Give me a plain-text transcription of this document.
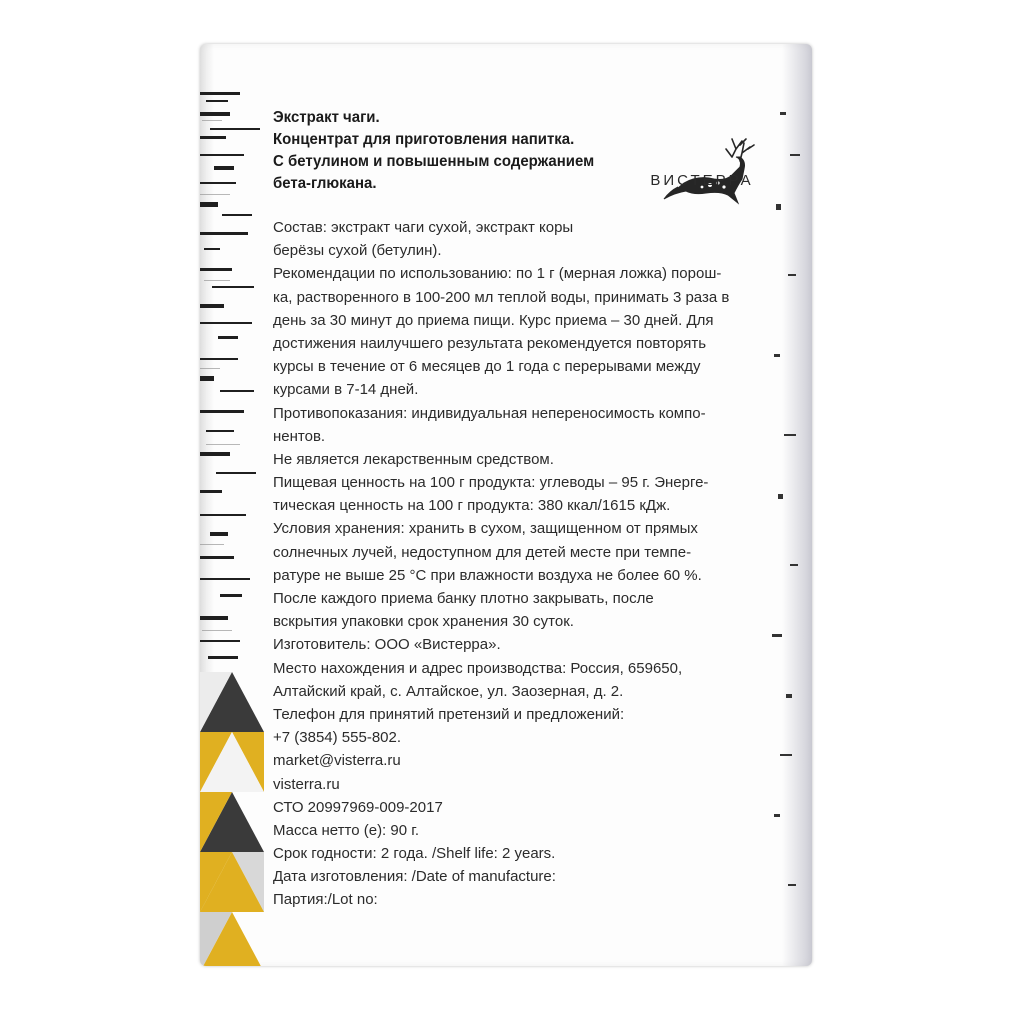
ВИСТЕРРА
Экстракт чаги.
Концентрат для приготовления напитка.
С бетулином и повышенным содержанием
бета-глюкана.
Состав: экстракт чаги сухой, экстракт коры
берёзы сухой (бетулин).
Рекомендации по использованию: по 1 г (мерная ложка) порош-
ка, растворенного в 100-200 мл теплой воды, принимать 3 раза в
день за 30 минут до приема пищи. Курс приема – 30 дней. Для
достижения наилучшего результата рекомендуется повторять
курсы в течение от 6 месяцев до 1 года с перерывами между
курсами в 7-14 дней.
Противопоказания: индивидуальная непереносимость компо-
нентов.
Не является лекарственным средством.
Пищевая ценность на 100 г продукта: углеводы – 95 г. Энерге-
тическая ценность на 100 г продукта: 380 ккал/1615 кДж.
Условия хранения: хранить в сухом, защищенном от прямых
солнечных лучей, недоступном для детей месте при темпе-
ратуре не выше 25 °С при влажности воздуха не более 60 %.
После каждого приема банку плотно закрывать, после
вскрытия упаковки срок хранения 30 суток.
Изготовитель: ООО «Вистерра».
Место нахождения и адрес производства: Россия, 659650,
Алтайский край, с. Алтайское, ул. Заозерная, д. 2.
Телефон для принятий претензий и предложений:
+7 (3854) 555-802.
market@visterra.ru
visterra.ru
СТО 20997969-009-2017
Масса нетто (е): 90 г.
Срок годности: 2 года. /Shelf life: 2 years.
Дата изготовления: /Date of manufacture:
Партия:/Lot no:
